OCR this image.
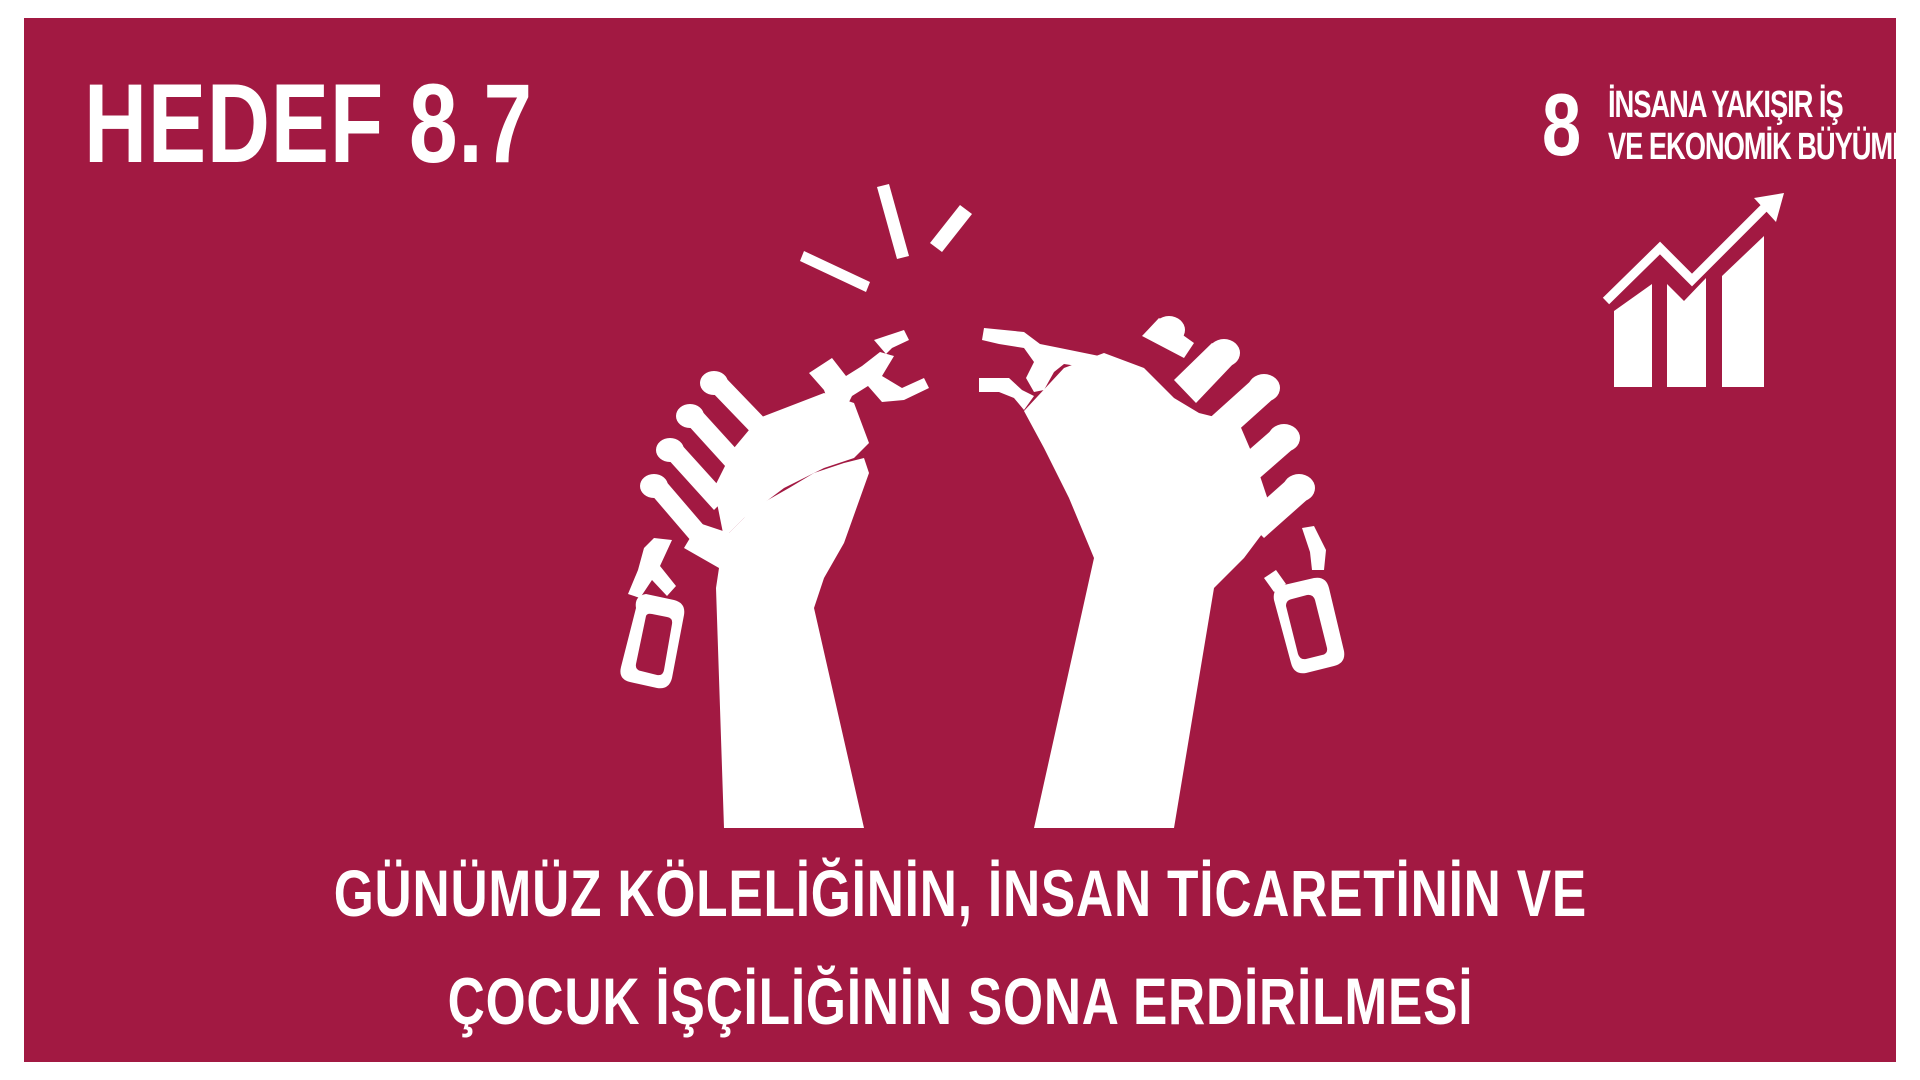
HEDEF 8.7	8 İNSANA YAKIŞIR İŞ
VE EKONOMİK BÜYÜME
GÜNÜMÜZ KÖLELİĞİNİN, İNSAN TİCARETİNİN VE
ÇOCUK İŞÇİLİĞİNİN SONA ERDİRİLMESİ
